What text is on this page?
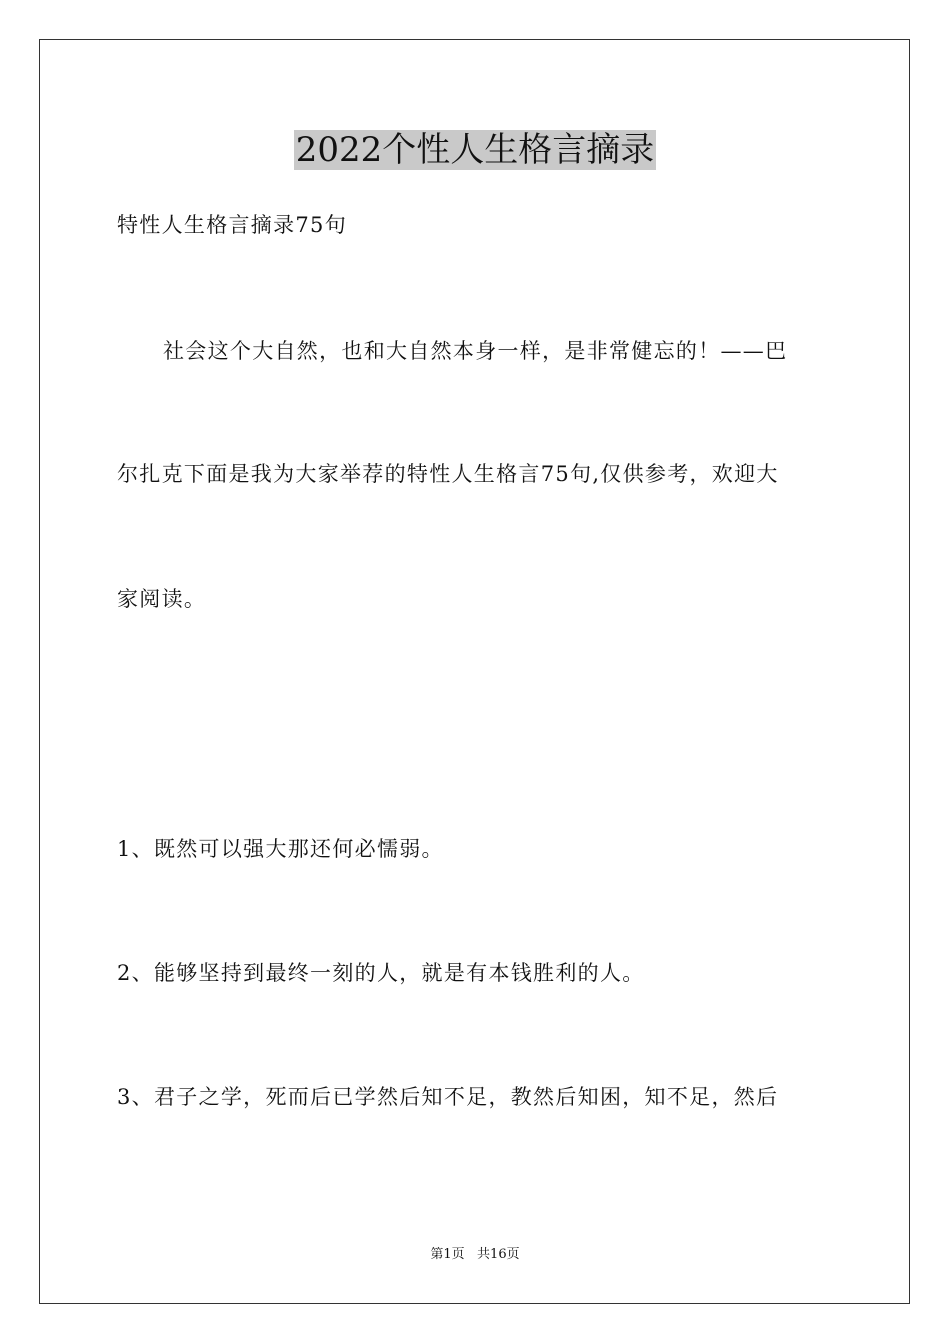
2022个性人生格言摘录
特性人生格言摘录75句
社会这个大自然，也和大自然本身一样，是非常健忘的！——巴
尔扎克下面是我为大家举荐的特性人生格言75句,仅供参考，欢迎大
家阅读。
1、既然可以强大那还何必懦弱。
2、能够坚持到最终一刻的人，就是有本钱胜利的人。
3、君子之学，死而后已学然后知不足，教然后知困，知不足，然后
第1页   共16页
